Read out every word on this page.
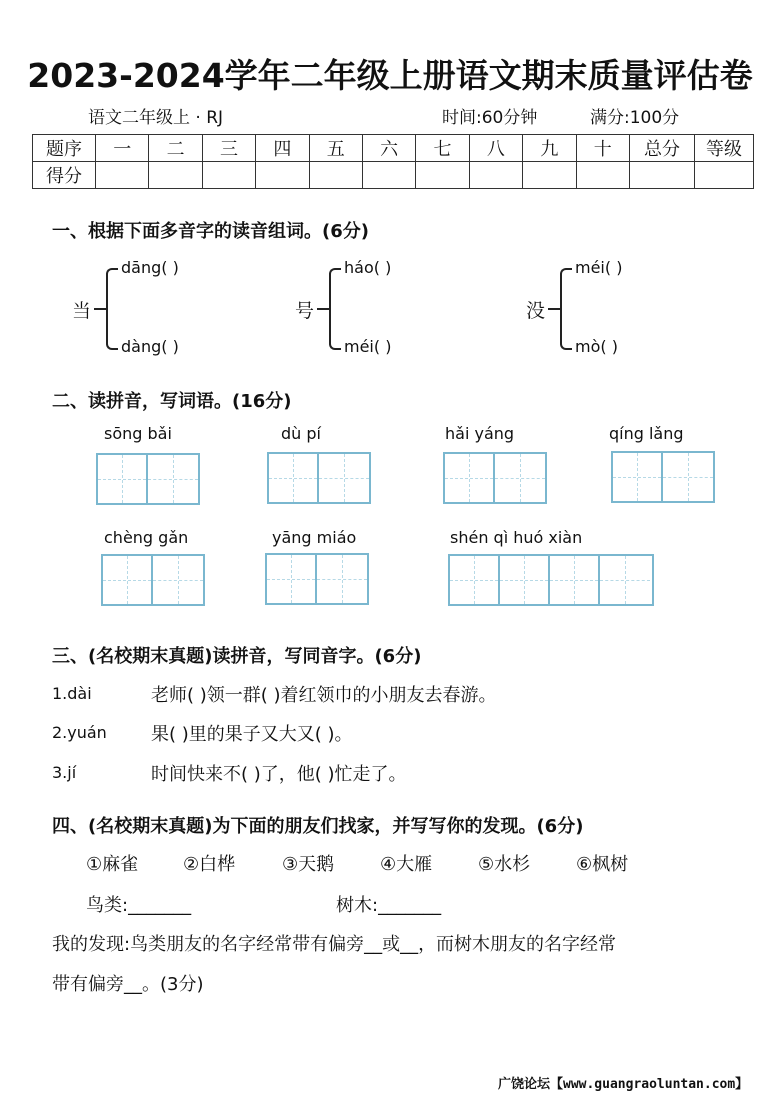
2023-2024学年二年级上册语文期末质量评估卷
语文二年级上 · RJ	时间:60分钟	满分:100分
题序	一	二	三	四	五	六	七	八	九	十	总分	等级
得分												
一、根据下面多音字的读音组词。(6分)
当
dāng( )
dàng( )
号
háo( )
méi( )
没
méi( )
mò( )
二、读拼音，写词语。(16分)
sōng bǎi	dù pí	hǎi yáng	qíng lǎng
chèng gǎn	yāng miáo	shén qì huó xiàn
三、(名校期末真题)读拼音，写同音字。(6分)
1.dài	老师( )领一群( )着红领巾的小朋友去春游。
2.yuán 果( )里的果子又大又( )。
3.jí	时间快来不( )了，他( )忙走了。
四、(名校期末真题)为下面的朋友们找家，并写写你的发现。(6分)
①麻雀 ②白桦	③天鹅	④大雁	⑤水杉	⑥枫树
鸟类:_______	树木:_______
我的发现:鸟类朋友的名字经常带有偏旁__或__，而树木朋友的名字经常
带有偏旁__。(3分)
广饶论坛【www.guangraoluntan.com】
